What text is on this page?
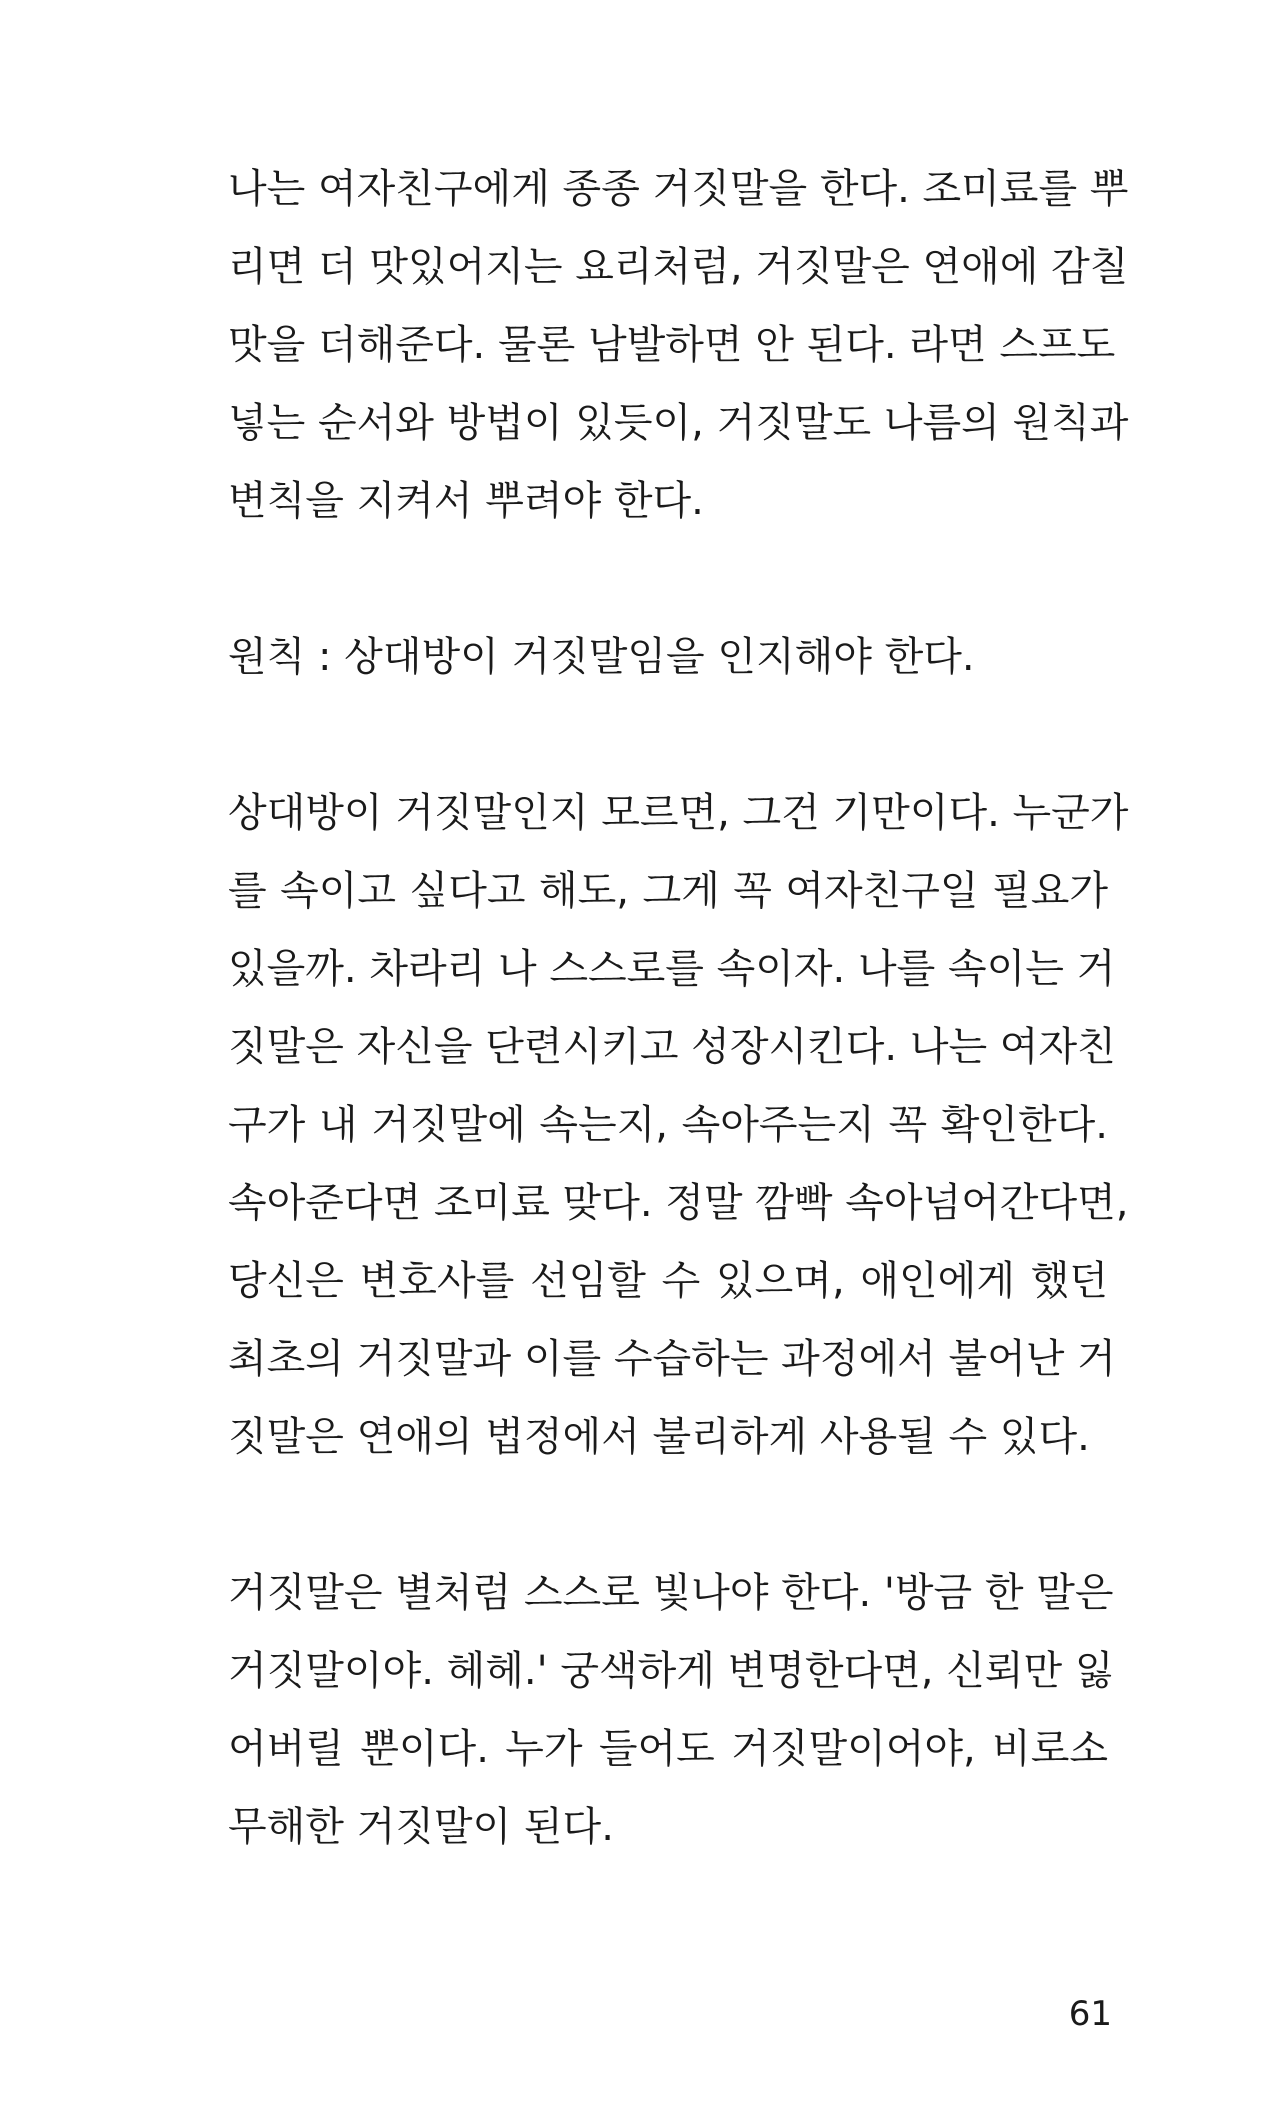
나는 여자친구에게 종종 거짓말을 한다. 조미료를 뿌
리면 더 맛있어지는 요리처럼, 거짓말은 연애에 감칠
맛을 더해준다. 물론 남발하면 안 된다. 라면 스프도
넣는 순서와 방법이 있듯이, 거짓말도 나름의 원칙과
변칙을 지켜서 뿌려야 한다.
원칙 : 상대방이 거짓말임을 인지해야 한다.
상대방이 거짓말인지 모르면, 그건 기만이다. 누군가
를 속이고 싶다고 해도, 그게 꼭 여자친구일 필요가
있을까. 차라리 나 스스로를 속이자. 나를 속이는 거
짓말은 자신을 단련시키고 성장시킨다. 나는 여자친
구가 내 거짓말에 속는지, 속아주는지 꼭 확인한다.
속아준다면 조미료 맞다. 정말 깜빡 속아넘어간다면,
당신은 변호사를 선임할 수 있으며, 애인에게 했던
최초의 거짓말과 이를 수습하는 과정에서 불어난 거
짓말은 연애의 법정에서 불리하게 사용될 수 있다.
거짓말은 별처럼 스스로 빛나야 한다. '방금 한 말은
거짓말이야. 헤헤.' 궁색하게 변명한다면, 신뢰만 잃
어버릴 뿐이다. 누가 들어도 거짓말이어야, 비로소
무해한 거짓말이 된다.
61
